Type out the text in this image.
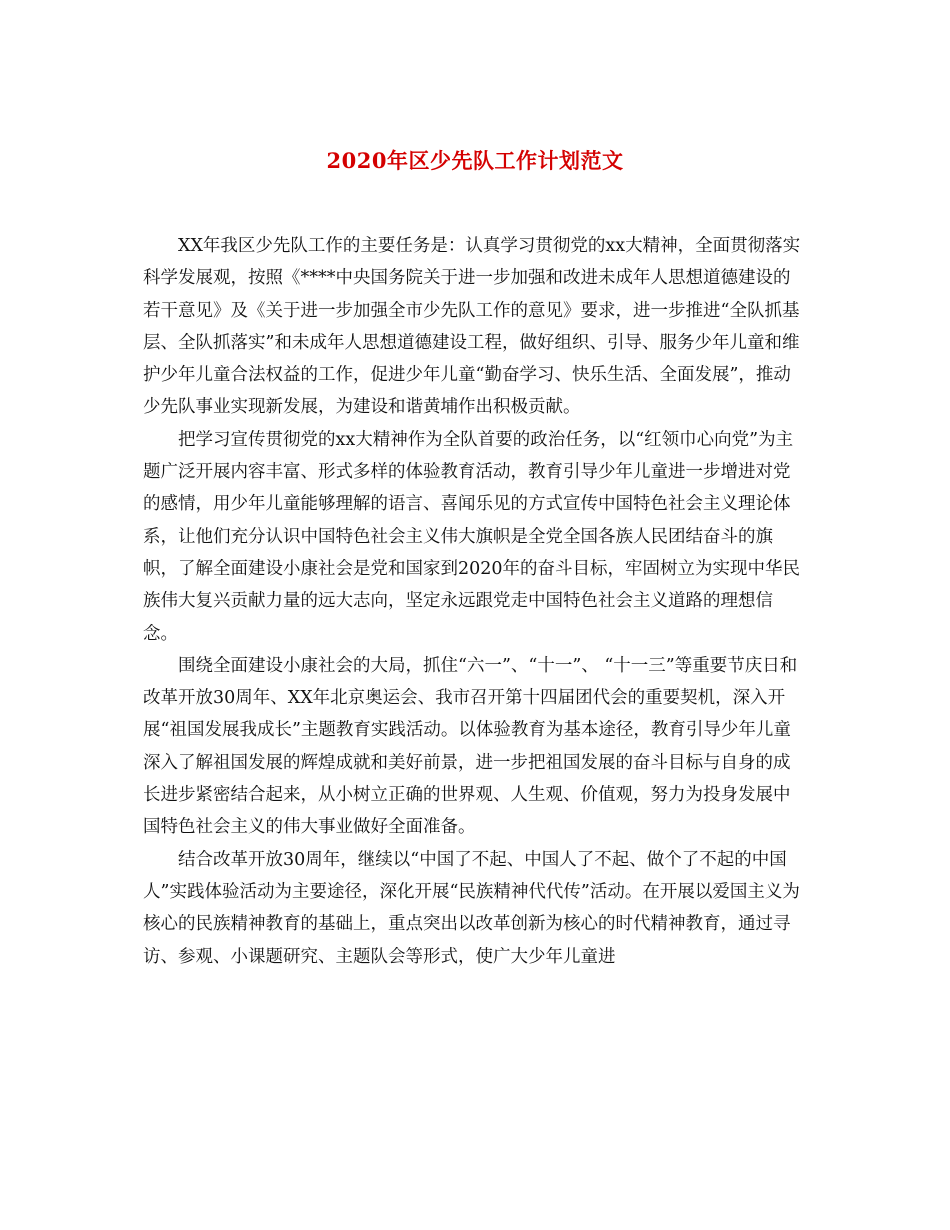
2020年区少先队工作计划范文

XX年我区少先队工作的主要任务是：认真学习贯彻党的xx大精神，全面贯彻落实科学发展观，按照《****中央国务院关于进一步加强和改进未成年人思想道德建设的若干意见》及《关于进一步加强全市少先队工作的意见》要求，进一步推进“全队抓基层、全队抓落实”和未成年人思想道德建设工程，做好组织、引导、服务少年儿童和维护少年儿童合法权益的工作，促进少年儿童“勤奋学习、快乐生活、全面发展”，推动少先队事业实现新发展，为建设和谐黄埔作出积极贡献。

把学习宣传贯彻党的xx大精神作为全队首要的政治任务，以“红领巾心向党”为主题广泛开展内容丰富、形式多样的体验教育活动，教育引导少年儿童进一步增进对党的感情，用少年儿童能够理解的语言、喜闻乐见的方式宣传中国特色社会主义理论体系，让他们充分认识中国特色社会主义伟大旗帜是全党全国各族人民团结奋斗的旗帜，了解全面建设小康社会是党和国家到2020年的奋斗目标，牢固树立为实现中华民族伟大复兴贡献力量的远大志向，坚定永远跟党走中国特色社会主义道路的理想信念。

围绕全面建设小康社会的大局，抓住“六一”、“十一”、 “十一三”等重要节庆日和改革开放30周年、XX年北京奥运会、我市召开第十四届团代会的重要契机，深入开展“祖国发展我成长”主题教育实践活动。以体验教育为基本途径，教育引导少年儿童深入了解祖国发展的辉煌成就和美好前景，进一步把祖国发展的奋斗目标与自身的成长进步紧密结合起来，从小树立正确的世界观、人生观、价值观，努力为投身发展中国特色社会主义的伟大事业做好全面准备。

结合改革开放30周年，继续以“中国了不起、中国人了不起、做个了不起的中国人”实践体验活动为主要途径，深化开展“民族精神代代传”活动。在开展以爱国主义为核心的民族精神教育的基础上，重点突出以改革创新为核心的时代精神教育，通过寻访、参观、小课题研究、主题队会等形式，使广大少年儿童进
